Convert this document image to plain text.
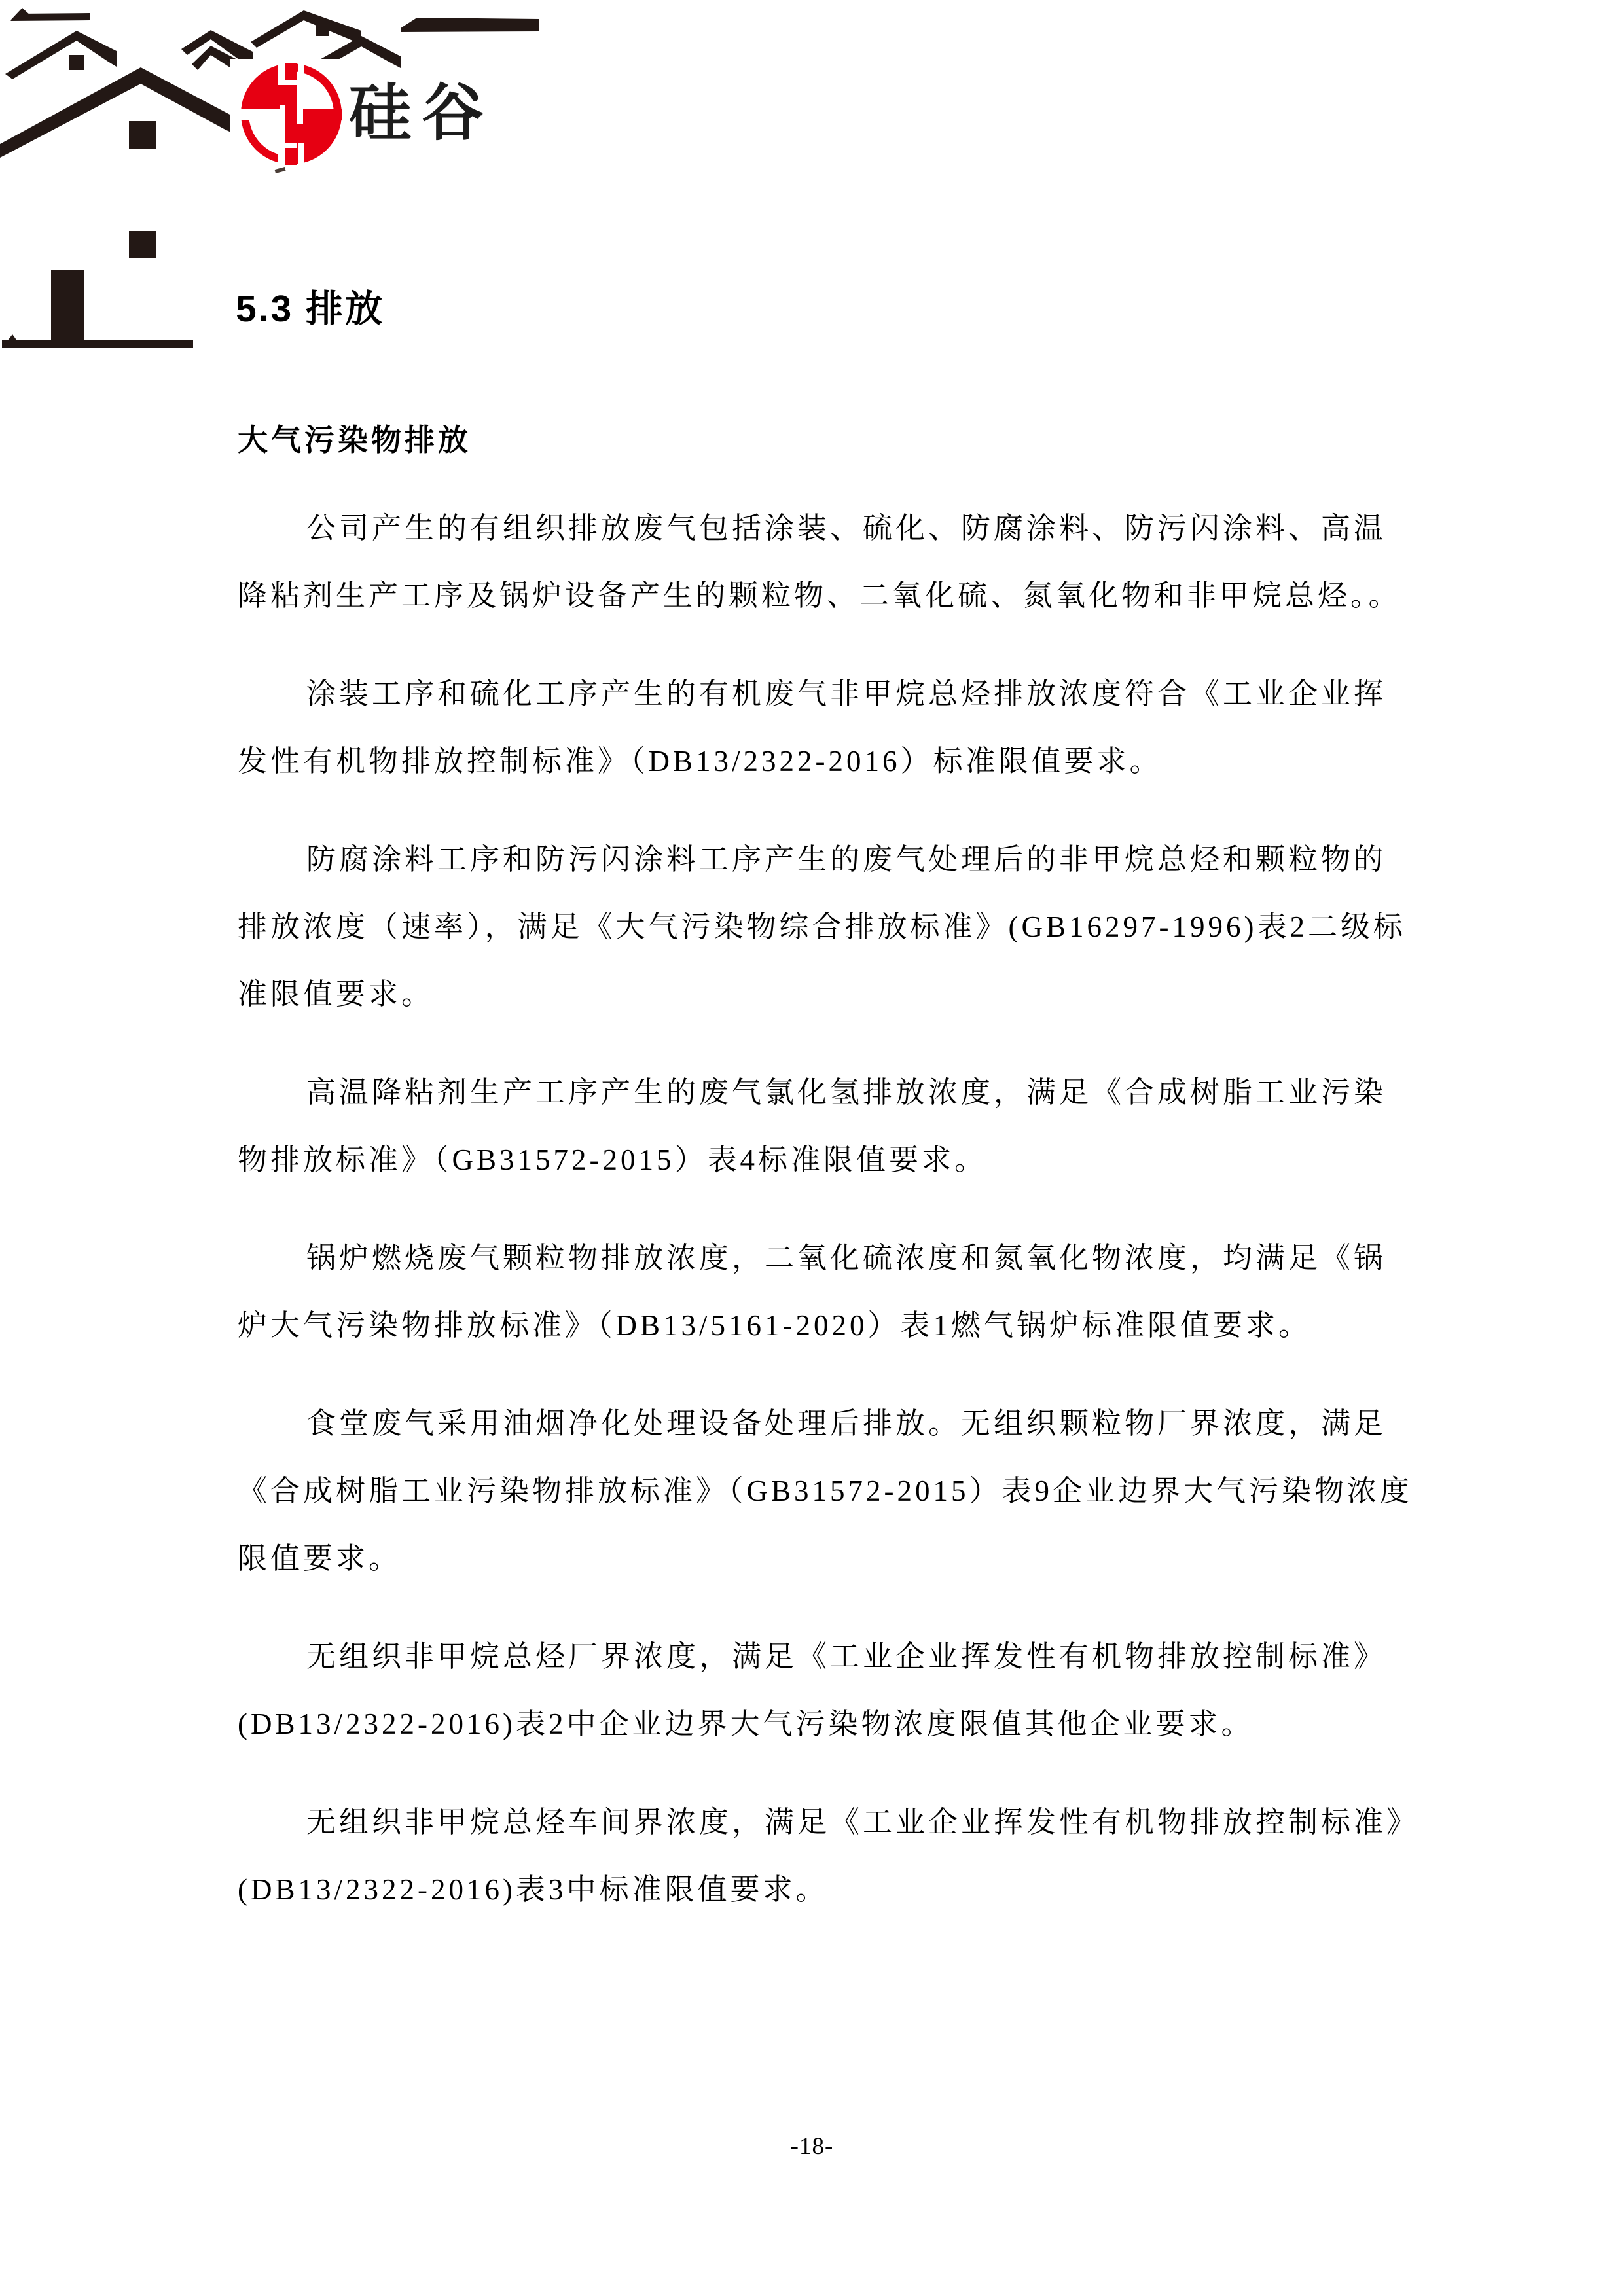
硅谷
5.3 排放
大气污染物排放
公司产生的有组织排放废气包括涂装、硫化、防腐涂料、防污闪涂料、高温
降粘剂生产工序及锅炉设备产生的颗粒物、二氧化硫、氮氧化物和非甲烷总烃。。
涂装工序和硫化工序产生的有机废气非甲烷总烃排放浓度符合《工业企业挥
发性有机物排放控制标准》（DB13/2322-2016）标准限值要求。
防腐涂料工序和防污闪涂料工序产生的废气处理后的非甲烷总烃和颗粒物的
排放浓度（速率），满足《大气污染物综合排放标准》(GB16297-1996)表2二级标
准限值要求。
高温降粘剂生产工序产生的废气氯化氢排放浓度，满足《合成树脂工业污染
物排放标准》（GB31572-2015）表4标准限值要求。
锅炉燃烧废气颗粒物排放浓度，二氧化硫浓度和氮氧化物浓度，均满足《锅
炉大气污染物排放标准》（DB13/5161-2020）表1燃气锅炉标准限值要求。
食堂废气采用油烟净化处理设备处理后排放。无组织颗粒物厂界浓度，满足
《合成树脂工业污染物排放标准》（GB31572-2015）表9企业边界大气污染物浓度
限值要求。
无组织非甲烷总烃厂界浓度，满足《工业企业挥发性有机物排放控制标准》
(DB13/2322-2016)表2中企业边界大气污染物浓度限值其他企业要求。
无组织非甲烷总烃车间界浓度，满足《工业企业挥发性有机物排放控制标准》
(DB13/2322-2016)表3中标准限值要求。
-18-
